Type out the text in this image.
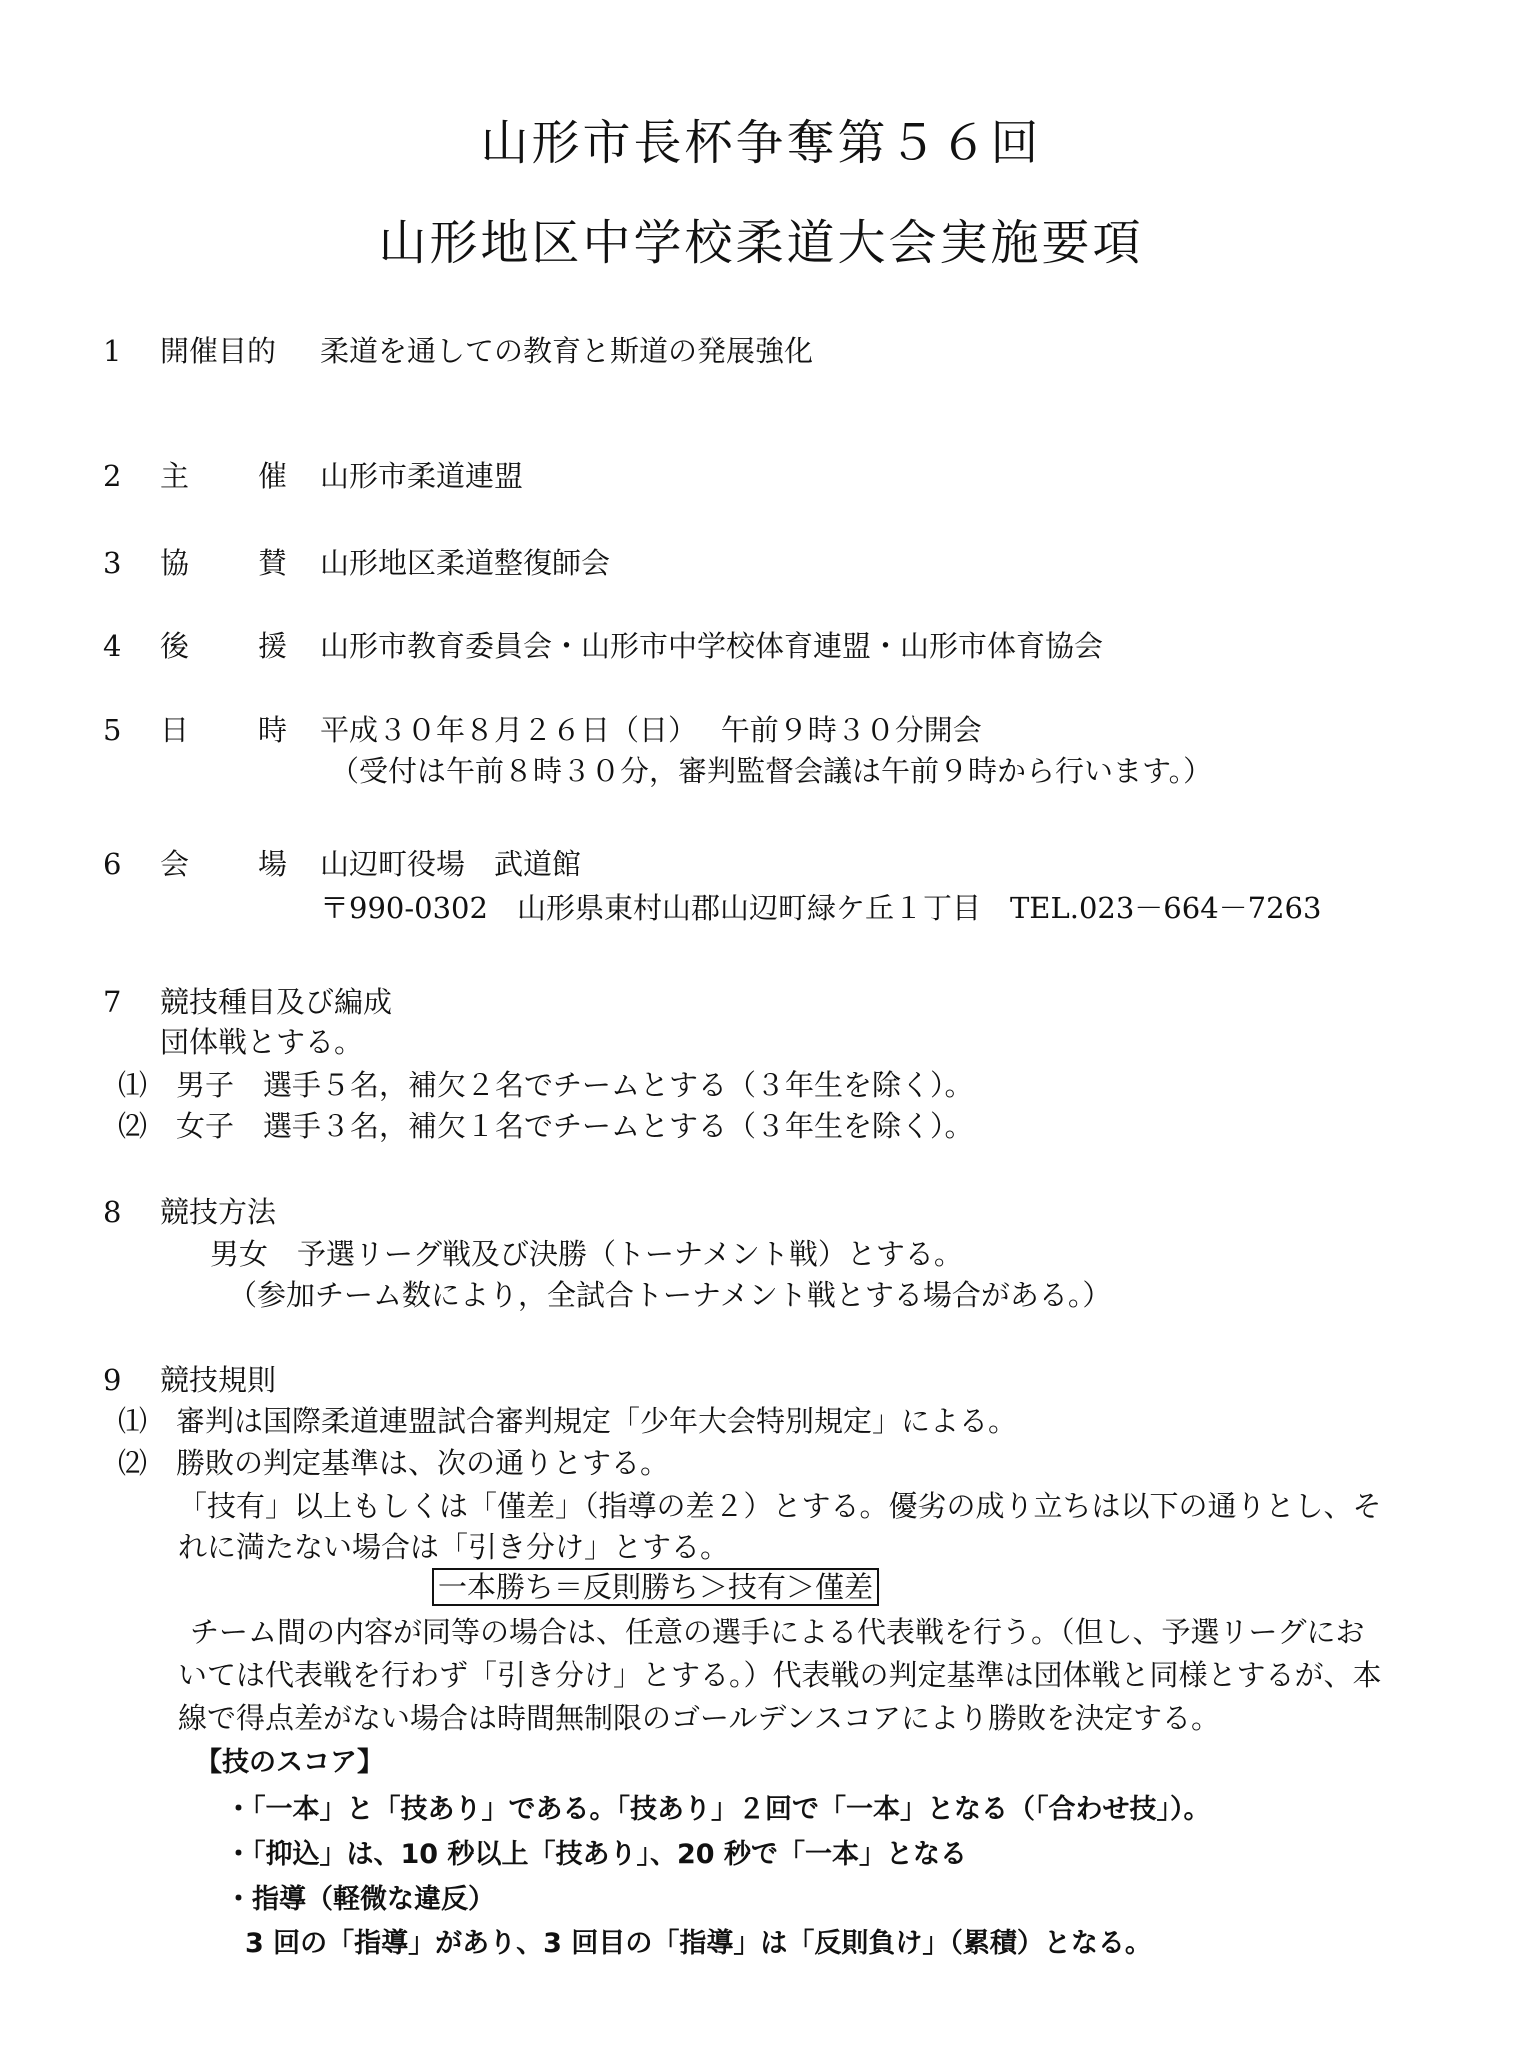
山形市長杯争奪第５６回
山形地区中学校柔道大会実施要項
1 開催目的 柔道を通しての教育と斯道の発展強化
2 主 催 山形市柔道連盟
3 協 賛 山形地区柔道整復師会
4 後 援 山形市教育委員会・山形市中学校体育連盟・山形市体育協会
5 日 時 平成３０年８月２６日（日）　 午前９時３０分開会
（受付は午前８時３０分，審判監督会議は午前９時から行います。）
6 会 場 山辺町役場　武道館
〒990-0302　山形県東村山郡山辺町緑ケ丘１丁目　TEL.023－664－7263
7 競技種目及び編成
団体戦とする。
⑴　男子　選手５名，補欠２名でチームとする（３年生を除く）。
⑵　女子　選手３名，補欠１名でチームとする（３年生を除く）。
8 競技方法
男女　予選リーグ戦及び決勝（トーナメント戦）とする。
（参加チーム数により，全試合トーナメント戦とする場合がある。）
9 競技規則
⑴　審判は国際柔道連盟試合審判規定「少年大会特別規定」による。
⑵　勝敗の判定基準は、次の通りとする。
「技有」以上もしくは「僅差」（指導の差２）とする。優劣の成り立ちは以下の通りとし、そ
れに満たない場合は「引き分け」とする。
一本勝ち＝反則勝ち＞技有＞僅差
チーム間の内容が同等の場合は、任意の選手による代表戦を行う。（但し、予選リーグにお
いては代表戦を行わず「引き分け」とする。）代表戦の判定基準は団体戦と同様とするが、本
線で得点差がない場合は時間無制限のゴールデンスコアにより勝敗を決定する。
【技のスコア】
・「一本」と「技あり」である。「技あり」２回で「一本」となる（「合わせ技」）。
・「抑込」は、10 秒以上「技あり」、20 秒で「一本」となる
・指導（軽微な違反）
3 回の「指導」があり、3 回目の「指導」は「反則負け」（累積）となる。
